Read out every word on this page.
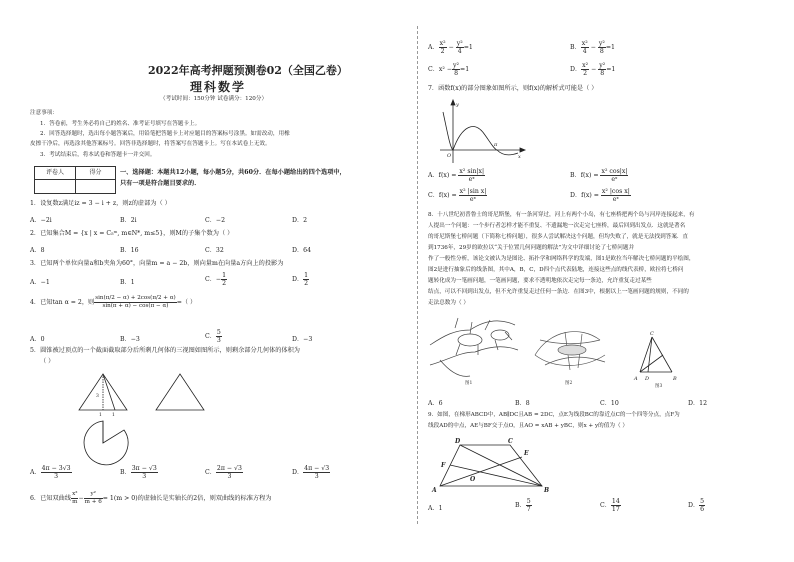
2022年高考押题预测卷02（全国乙卷）
理科数学
（考试时间：150分钟 试卷满分：120分）
注意事项：
1．答卷前，考生务必将自己的姓名、准考证号填写在答题卡上。
2．回答选择题时，选出每小题答案后，用铅笔把答题卡上对应题目的答案标号涂黑。如需改动，用橡
皮擦干净后，再选涂其他答案标号。回答非选择题时，将答案写在答题卡上。写在本试卷上无效。
3．考试结束后，将本试卷和答题卡一并交回。
评卷人	得分	一、选择题：本题共12小题，每小题5分，共60分．在每小题给出的四个选项中，
只有一项是符合题目要求的．
1．设复数z满足iz = 3 − i + z，则z的虚部为（ ）
A．−2i	B．2i	C．−2	D．2
2．已知集合M = {x | x = C₅ᵐ, m∈N*, m≤5}，则M的子集个数为（ ）
A．8	B．16	C．32	D．64
3．已知两个单位向量a和b夹角为60°，向量m = a − 2b，则向量m在向量a方向上的投影为
A．−1	B．1	C．− $\frac{1}{2}$	D． $\frac{1}{2}$
4．已知tan α = 2，则 $\frac{\sin(\pi/2 - \alpha) + 2\cos(\pi/2 + \alpha)}{\sin(\pi + \alpha) - \cos(\pi - \alpha)}$ =（ ）
A．0	B．−3	C． $\frac{5}{3}$	D．−3
5．圆锥被过顶点的一个截面截取部分后所剩几何体的三视图如图所示，则剩余部分几何体的体积为
（ ）
3
1 1
A． $\frac{4\pi - 3√3}{3}$	B． $\frac{3\pi - √3}{3}$	C． $\frac{2\pi - √3}{3}$	D． $\frac{4\pi - √3}{3}$
6．已知双曲线 $\frac{\text{x²}}{m} - \frac{\text{y²}}{m + 6} = 1(m > 0)$的虚轴长是实轴长的2倍，则双曲线的标准方程为
A． $\frac{\text{x²}}{2} - \frac{\text{y²}}{4} =1$	B． $\frac{\text{x²}}{4} - \frac{\text{y²}}{8} =1$
C．$x^2 - \frac{\text{y²}}{8} =1$	D． $\frac{\text{x²}}{2} - \frac{\text{y²}}{8} =1$
7．函数f(x)的部分图象如图所示，则f(x)的解析式可能是（ ）
y
O
π
x
A．$f(x) = \frac{\text{x² sin|x|}}{\text{eˣ}}$	B．$f(x) = \frac{\text{x² cos|x|}}{\text{eˣ}}$
C．$f(x) = \frac{\text{x² |sin x|}}{\text{eˣ}}$	D．$f(x) = \frac{\text{x² |cos x|}}{\text{eˣ}}$
8．十八世纪初普鲁士的哥尼斯堡，有一条河穿过，河上有两个小岛，有七座桥把两个岛与河岸连接起来，有
人提出一个问题：一个步行者怎样才能不重复、不遗漏地一次走完七座桥，最后回到出发点．这就是著名
的哥尼斯堡七桥问题（下简称七桥问题），很多人尝试解决这个问题，但均失败了，就是无法找到答案．直
到1736年，29岁的欧拉以“关于位置几何问题的解法”为文中详细讨论了七桥问题并
作了一般性分析，该论文被认为是图论、拓扑学和网络科学的发端，图1是欧拉当年解决七桥问题的平绘图，
图2是进行抽象后的线条图，其中A，B，C，D四个点代表陆地，连接这些点的线代表桥，欧拉将七桥问
题转化成为一笔画问题，一笔画问题，要求不透明地依次走完每一条边，允许重复走过某些
结点，可以不回到出发点，但不允许重复走过任何一条边．在图3中，根据以上一笔画问题的规则，不同的
走法总数为（ ）
图1	图2
C
A	B
D
图3
A．6	B．8	C．10	D．12
9．如图，在梯形ABCD中，AB∥DC且AB = 2DC，点E为线段BC的靠近点C的一个四等分点，点F为
线段AD的中点，AE与BF交于点O，且AO = xAB + yBC，则x + y的值为（ ）
D	C
E
F
O
A	B
A．1	B． $\frac{5}{7}$	C． $\frac{14}{17}$	D． $\frac{5}{6}$
